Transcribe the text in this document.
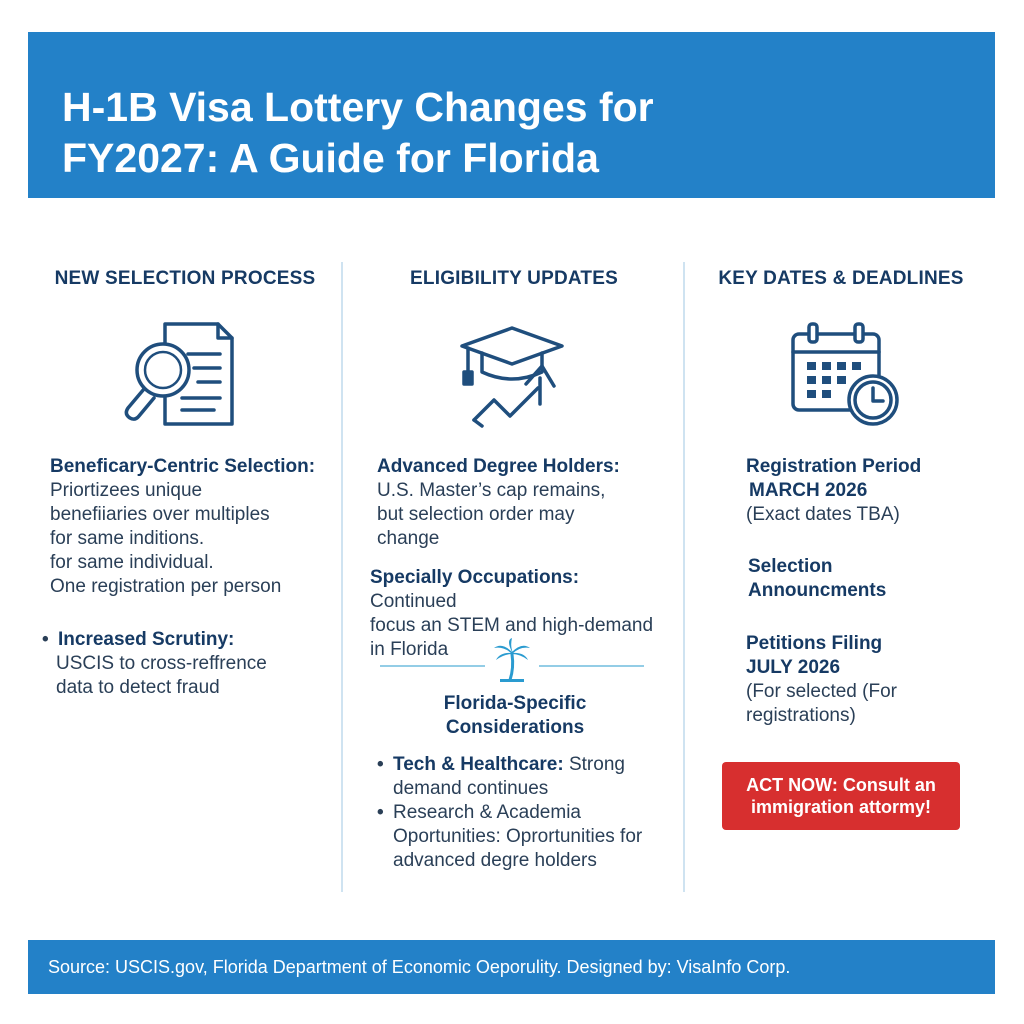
H-1B Visa Lottery Changes for FY2027: A Guide for Florida
NEW SELECTION PROCESS

Beneficary-Centric Selection:

Priortizees unique

benefiiaries over multiples

for same inditions.

for same individual.

One registration per person

• Increased Scrutiny:

USCIS to cross-reffrence

data to detect fraud

ELIGIBILITY UPDATES

Advanced Degree Holders:

U.S. Master’s cap remains,

but selection order may

change

Specially Occupations: Continued

focus an STEM and high-demand

in Florida

Florida-Specific Considerations

• Tech & Healthcare: Strong

demand continues

• Research & Academia

Oportunities: Oprortunities for

advanced degre holders

KEY DATES & DEADLINES

Registration Period

MARCH 2026

(Exact dates TBA)

Selection

Announcments

Petitions Filing

JULY 2026

(For selected (For

registrations)

ACT NOW: Consult an
immigration attormy!
Source: USCIS.gov, Florida Department of Economic Oeporulity. Designed by: VisaInfo Corp.
